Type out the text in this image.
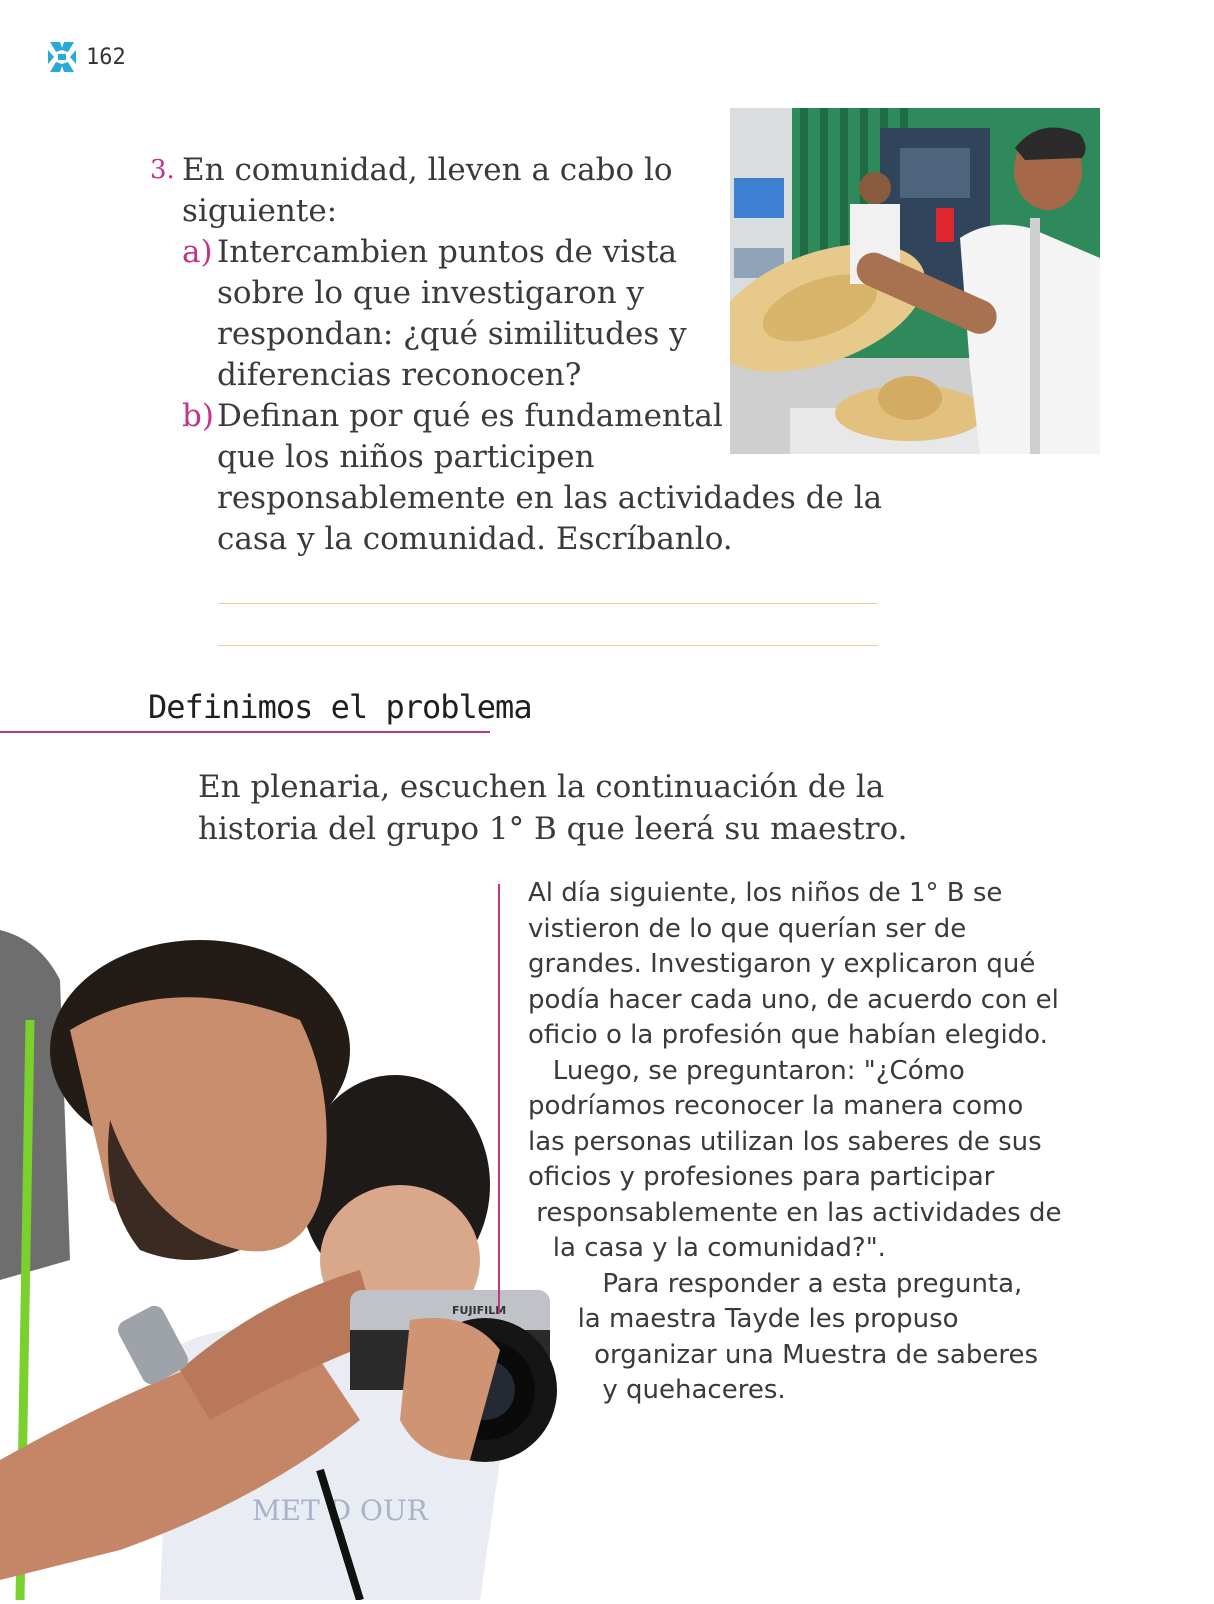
162
3. En comunidad, lleven a cabo lo
siguiente:
a) Intercambien puntos de vista
sobre lo que investigaron y
respondan: ¿qué similitudes y
diferencias reconocen?
b) Definan por qué es fundamental
que los niños participen
responsablemente en las actividades de la
casa y la comunidad. Escríbanlo.
Definimos el problema
En plenaria, escuchen la continuación de la
historia del grupo 1° B que leerá su maestro.
MET D OUR
FUJIFILM
Al día siguiente, los niños de 1° B se
vistieron de lo que querían ser de
grandes. Investigaron y explicaron qué
podía hacer cada uno, de acuerdo con el
oficio o la profesión que habían elegido.
Luego, se preguntaron: "¿Cómo
podríamos reconocer la manera como
las personas utilizan los saberes de sus
oficios y profesiones para participar
responsablemente en las actividades de
la casa y la comunidad?".
Para responder a esta pregunta,
la maestra Tayde les propuso
organizar una Muestra de saberes
y quehaceres.
